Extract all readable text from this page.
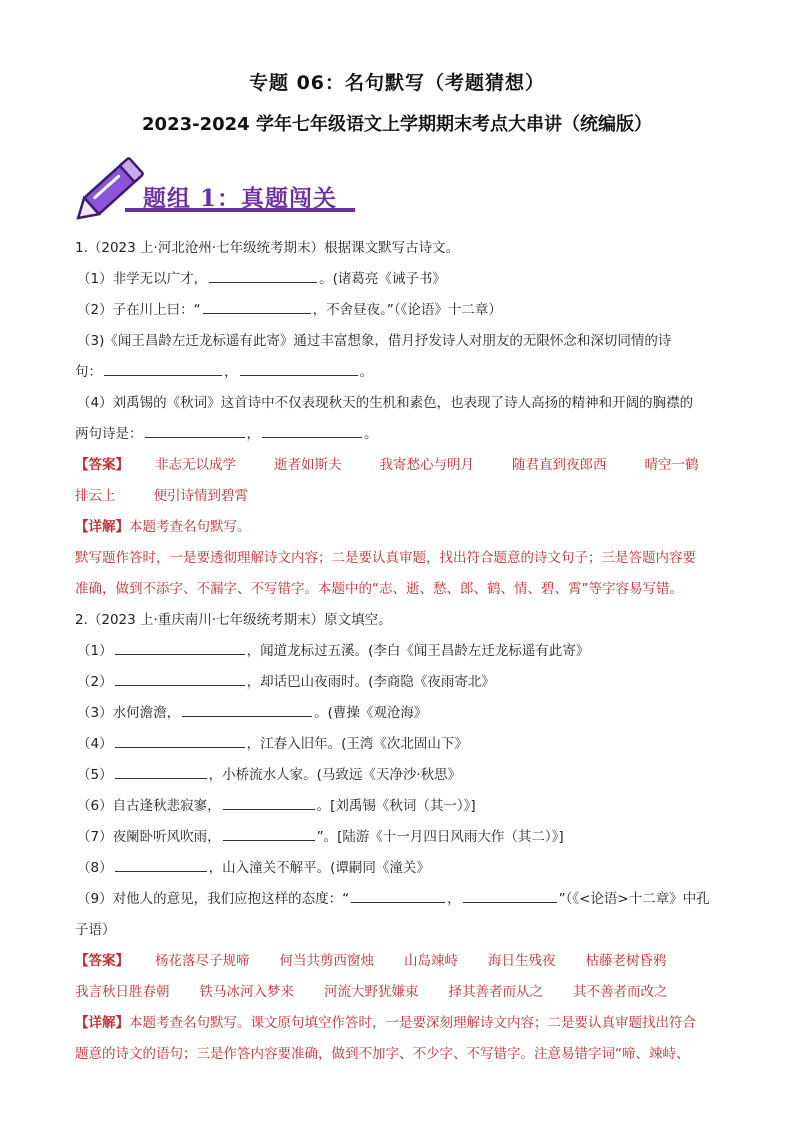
专题 06：名句默写（考题猜想）
2023-2024 学年七年级语文上学期期末考点大串讲（统编版）
题组 1：真题闯关
1.（2023 上·河北沧州·七年级统考期末）根据课文默写古诗文。
（1）非学无以广才，	。(诸葛亮《诫子书》
（2）子在川上曰：“	，不舍昼夜。”（《论语》十二章）
（3)《闻王昌龄左迁龙标遥有此寄》通过丰富想象，借月抒发诗人对朋友的无限怀念和深切同情的诗
句：	，	。
（4）刘禹锡的《秋词》这首诗中不仅表现秋天的生机和素色，也表现了诗人高扬的精神和开阔的胸襟的
两句诗是：	，	。
【答案】 非志无以成学	逝者如斯夫	我寄愁心与明月	随君直到夜郎西	晴空一鹤
排云上	便引诗情到碧霄
【详解】本题考查名句默写。
默写题作答时，一是要透彻理解诗文内容；二是要认真审题，找出符合题意的诗文句子；三是答题内容要
准确，做到不添字、不漏字、不写错字。本题中的“志、逝、愁、郎、鹤、情、碧、霄”等字容易写错。
2.（2023 上·重庆南川·七年级统考期末）原文填空。
（1）	，闻道龙标过五溪。(李白《闻王昌龄左迁龙标遥有此寄》
（2）	，却话巴山夜雨时。(李商隐《夜雨寄北》
（3）水何澹澹，	。(曹操《观沧海》
（4）	，江春入旧年。(王湾《次北固山下》
（5）	，小桥流水人家。(马致远《天净沙·秋思》
（6）自古逢秋悲寂寥，	。[刘禹锡《秋词（其一）》]
（7）夜阑卧听风吹雨，	”。[陆游《十一月四日风雨大作（其二）》]
（8）	，山入潼关不解平。(谭嗣同《潼关》
（9）对他人的意见，我们应抱这样的态度：“	，	”（《<论语>十二章》中孔
子语）
【答案】 杨花落尽子规啼 何当共剪西窗烛 山岛竦峙 海日生残夜 枯藤老树昏鸦
我言秋日胜春朝 铁马冰河入梦来 河流大野犹嫌束 择其善者而从之 其不善者而改之
【详解】本题考查名句默写。课文原句填空作答时，一是要深刻理解诗文内容；二是要认真审题找出符合
题意的诗文的语句；三是作答内容要准确，做到不加字、不少字、不写错字。注意易错字词“啼、竦峙、
